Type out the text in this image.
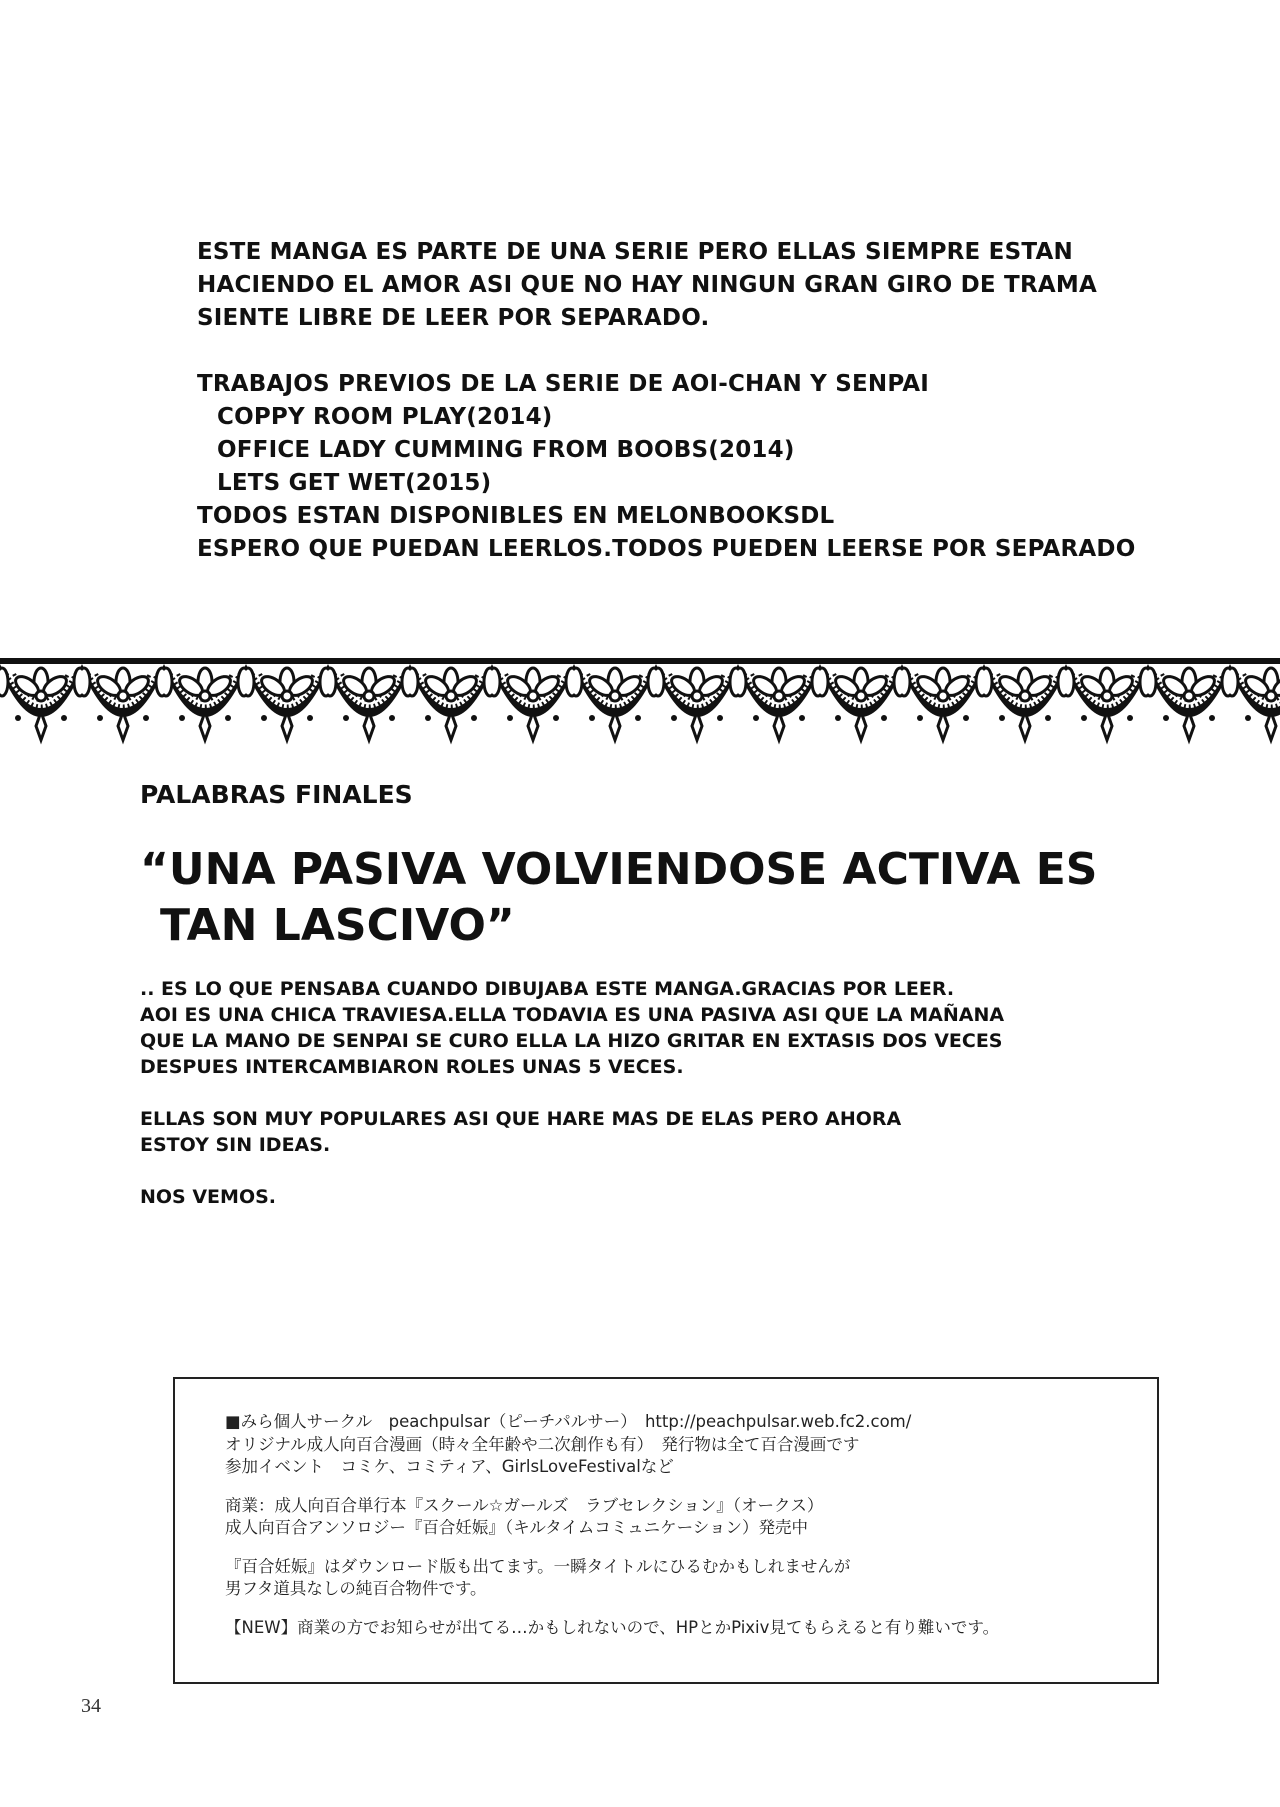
ESTE MANGA ES PARTE DE UNA SERIE PERO ELLAS SIEMPRE ESTAN
HACIENDO EL AMOR ASI QUE NO HAY NINGUN GRAN GIRO DE TRAMA
SIENTE LIBRE DE LEER POR SEPARADO.
TRABAJOS PREVIOS DE LA SERIE DE AOI-CHAN Y SENPAI
COPPY ROOM PLAY(2014)
OFFICE LADY CUMMING FROM BOOBS(2014)
LETS GET WET(2015)
TODOS ESTAN DISPONIBLES EN MELONBOOKSDL
ESPERO QUE PUEDAN LEERLOS.TODOS PUEDEN LEERSE POR SEPARADO
PALABRAS FINALES
“UNA PASIVA VOLVIENDOSE ACTIVA ES
TAN LASCIVO”
.. ES LO QUE PENSABA CUANDO DIBUJABA ESTE MANGA.GRACIAS POR LEER.
AOI ES UNA CHICA TRAVIESA.ELLA TODAVIA ES UNA PASIVA ASI QUE LA MAÑANA
QUE LA MANO DE SENPAI SE CURO ELLA LA HIZO GRITAR EN EXTASIS DOS VECES
DESPUES INTERCAMBIARON ROLES UNAS 5 VECES.
ELLAS SON MUY POPULARES ASI QUE HARE MAS DE ELAS PERO AHORA
ESTOY SIN IDEAS.
NOS VEMOS.
■みら個人サークル　peachpulsar（ピーチパルサー）　http://peachpulsar.web.fc2.com/
オリジナル成人向百合漫画（時々全年齢や二次創作も有）　発行物は全て百合漫画です
参加イベント　コミケ、コミティア、GirlsLoveFestivalなど
商業：成人向百合単行本『スクール☆ガールズ　ラブセレクション』（オークス）
成人向百合アンソロジー『百合妊娠』（キルタイムコミュニケーション）発売中
『百合妊娠』はダウンロード版も出てます。一瞬タイトルにひるむかもしれませんが
男フタ道具なしの純百合物件です。
【NEW】商業の方でお知らせが出てる…かもしれないので、HPとかPixiv見てもらえると有り難いです。
34
